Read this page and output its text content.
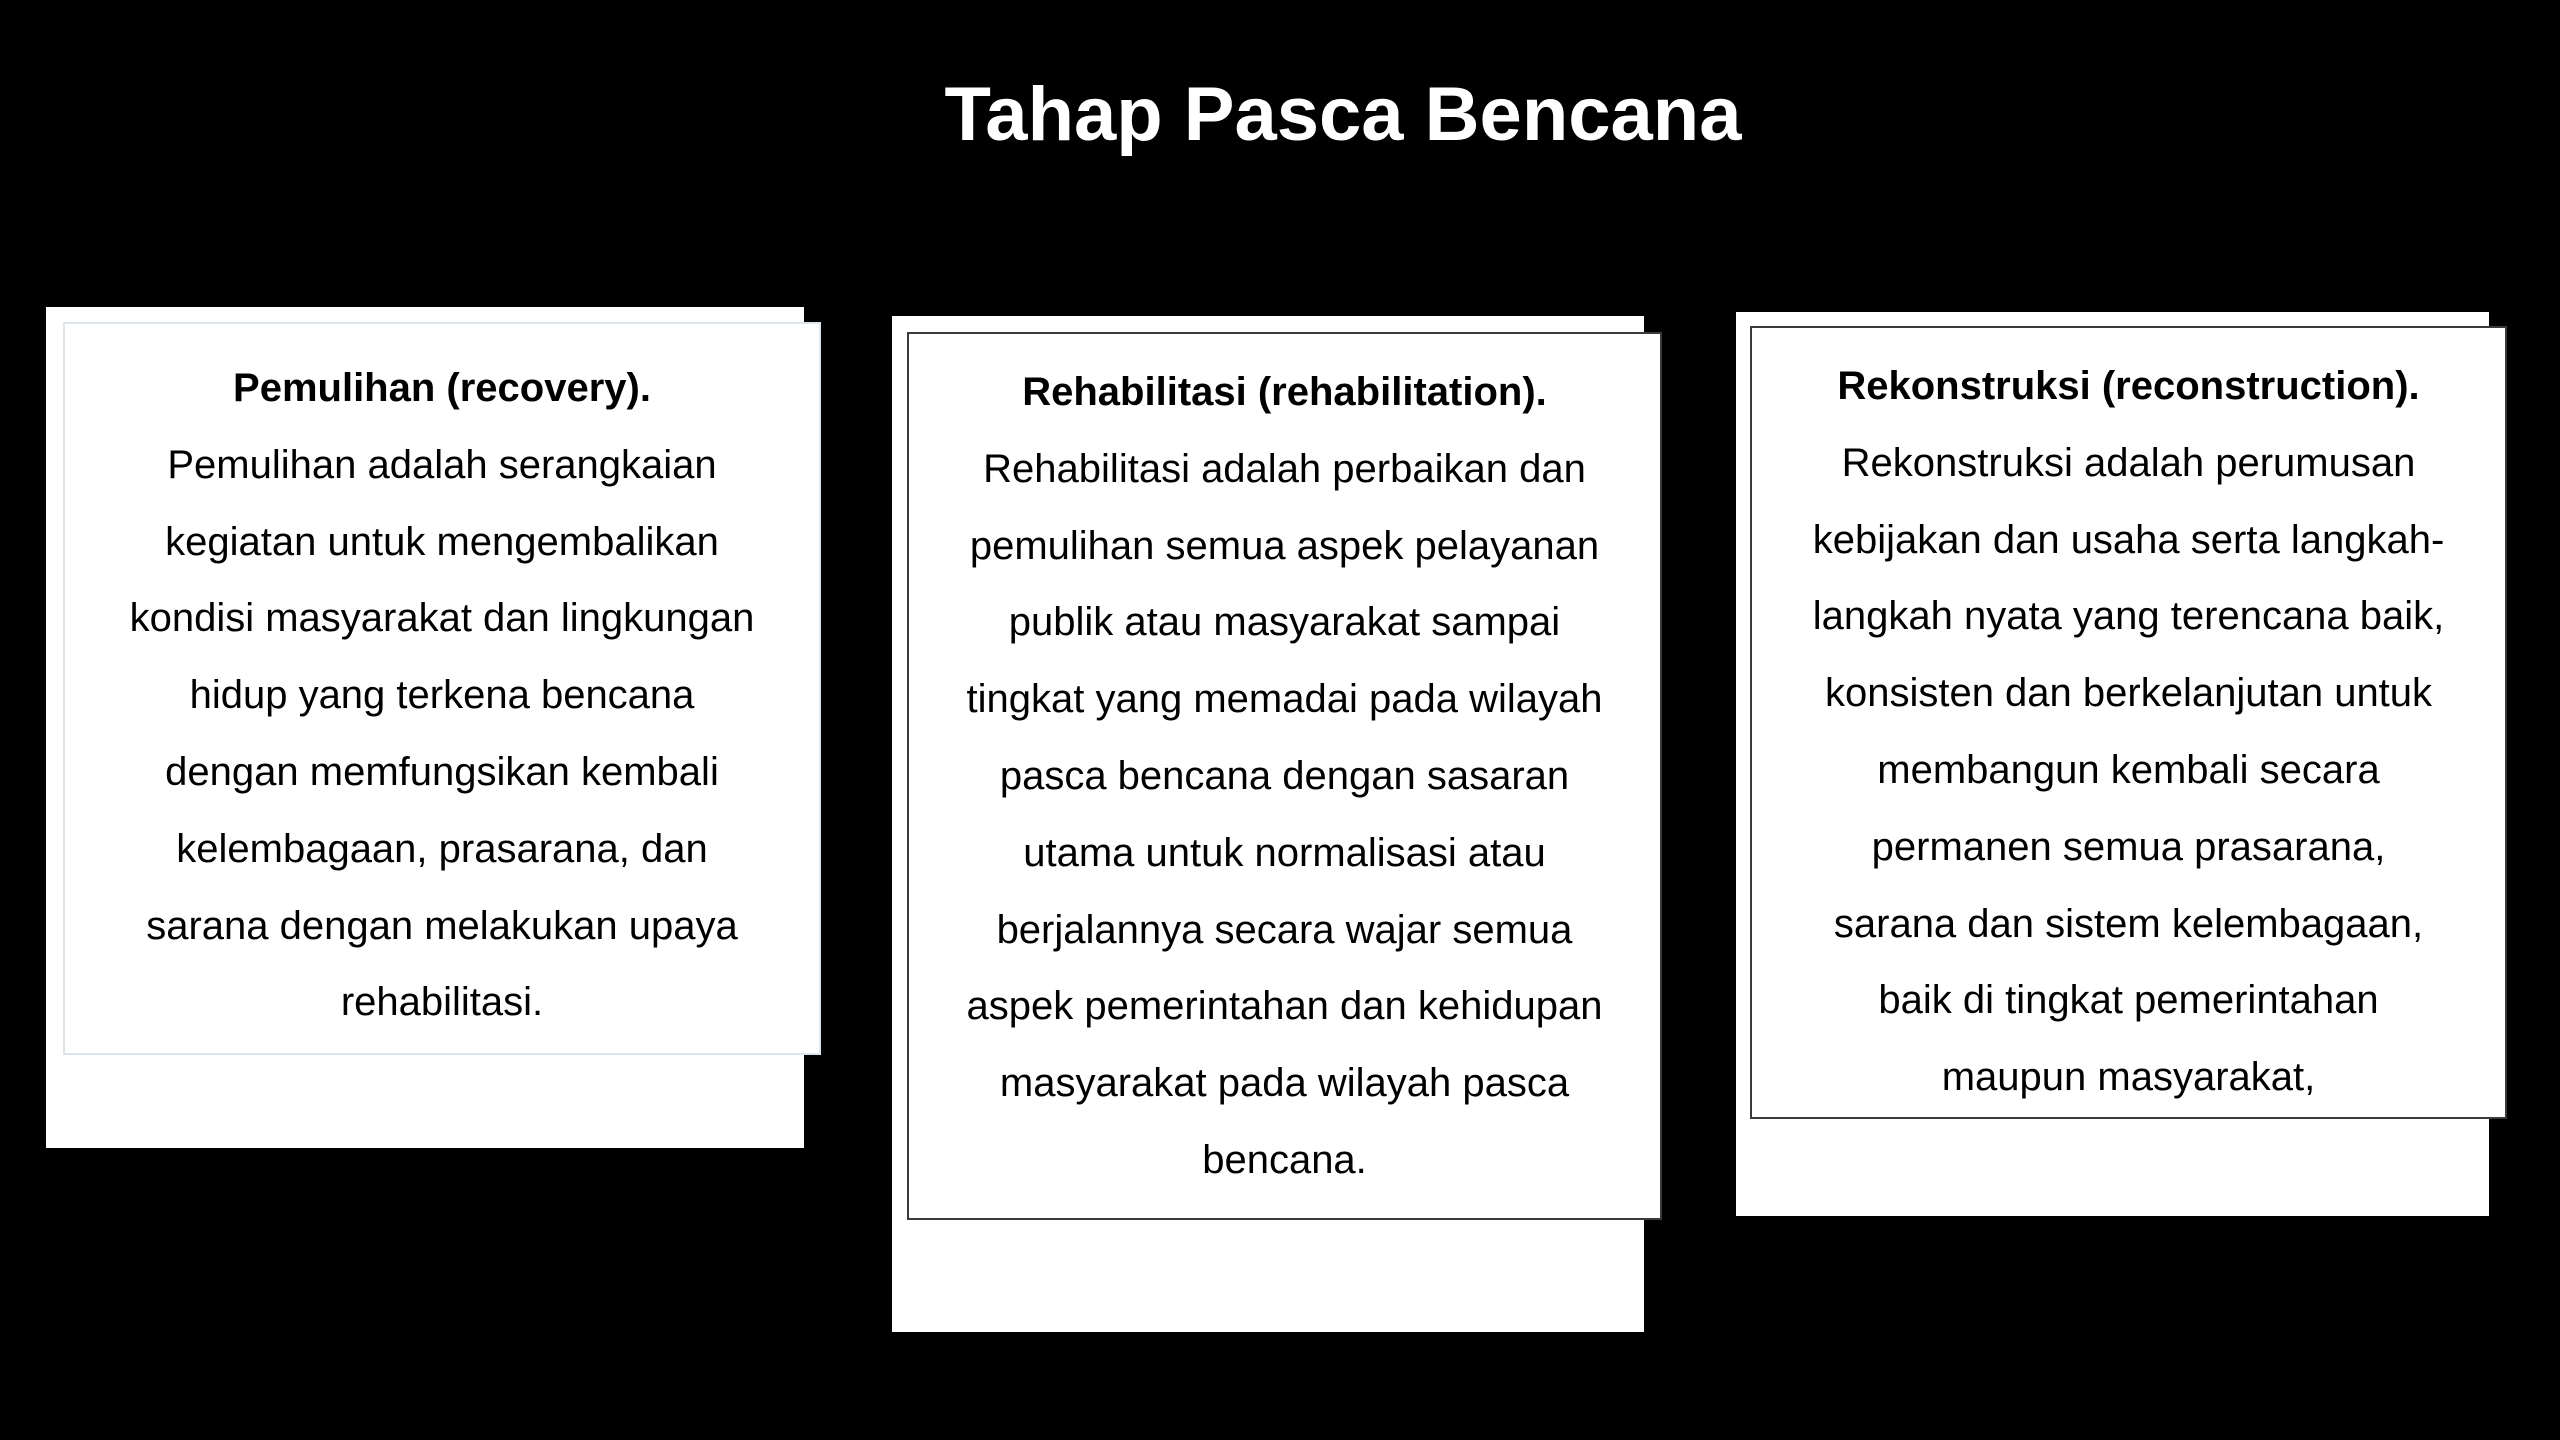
Tahap Pasca Bencana
Pemulihan (recovery).
Pemulihan adalah serangkaian
kegiatan untuk mengembalikan
kondisi masyarakat dan lingkungan
hidup yang terkena bencana
dengan memfungsikan kembali
kelembagaan, prasarana, dan
sarana dengan melakukan upaya
rehabilitasi.
Rehabilitasi (rehabilitation).
Rehabilitasi adalah perbaikan dan
pemulihan semua aspek pelayanan
publik atau masyarakat sampai
tingkat yang memadai pada wilayah
pasca bencana dengan sasaran
utama untuk normalisasi atau
berjalannya secara wajar semua
aspek pemerintahan dan kehidupan
masyarakat pada wilayah pasca
bencana.
Rekonstruksi (reconstruction).
Rekonstruksi adalah perumusan
kebijakan dan usaha serta langkah-
langkah nyata yang terencana baik,
konsisten dan berkelanjutan untuk
membangun kembali secara
permanen semua prasarana,
sarana dan sistem kelembagaan,
baik di tingkat pemerintahan
maupun masyarakat,
